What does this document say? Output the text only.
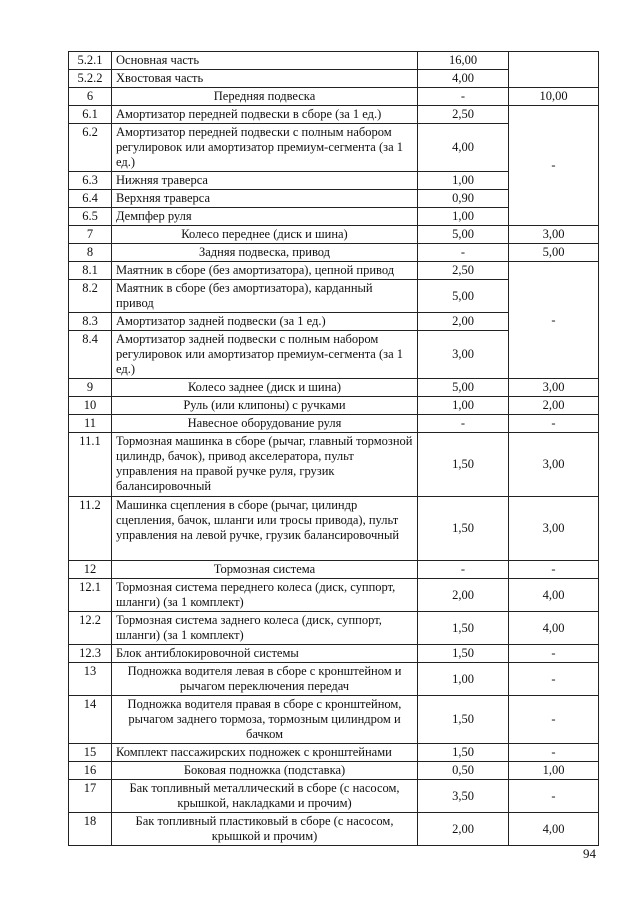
5.2.1	Основная часть	16,00	
5.2.2	Хвостовая часть	4,00	
6	Передняя подвеска	-	10,00
6.1	Амортизатор передней подвески в сборе (за 1 ед.)	2,50	-
6.2	Амортизатор передней подвески с полным набором регулировок или амортизатор премиум-сегмента (за 1 ед.)	4,00	
6.3	Нижняя траверса	1,00	
6.4	Верхняя траверса	0,90	
6.5	Демпфер руля	1,00	
7	Колесо переднее (диск и шина)	5,00	3,00
8	Задняя подвеска, привод	-	5,00
8.1	Маятник в сборе (без амортизатора), цепной привод	2,50	-
8.2	Маятник в сборе (без амортизатора), карданный привод	5,00	
8.3	Амортизатор задней подвески (за 1 ед.)	2,00	
8.4	Амортизатор задней подвески с полным набором регулировок или амортизатор премиум-сегмента (за 1 ед.)	3,00	
9	Колесо заднее (диск и шина)	5,00	3,00
10	Руль (или клипоны) с ручками	1,00	2,00
11	Навесное оборудование руля	-	-
11.1	Тормозная машинка в сборе (рычаг, главный тормозной цилиндр, бачок), привод акселератора, пульт управления на правой ручке руля, грузик балансировочный	1,50	3,00
11.2	Машинка сцепления в сборе (рычаг, цилиндр сцепления, бачок, шланги или тросы привода), пульт управления на левой ручке, грузик балансировочный	1,50	3,00
12	Тормозная система	-	-
12.1	Тормозная система переднего колеса (диск, суппорт, шланги) (за 1 комплект)	2,00	4,00
12.2	Тормозная система заднего колеса (диск, суппорт, шланги) (за 1 комплект)	1,50	4,00
12.3	Блок антиблокировочной системы	1,50	-
13	Подножка водителя левая в сборе с кронштейном и рычагом переключения передач	1,00	-
14	Подножка водителя правая в сборе с кронштейном, рычагом заднего тормоза, тормозным цилиндром и бачком	1,50	-
15	Комплект пассажирских подножек с кронштейнами	1,50	-
16	Боковая подножка (подставка)	0,50	1,00
17	Бак топливный металлический в сборе (с насосом, крышкой, накладками и прочим)	3,50	-
18	Бак топливный пластиковый в сборе (с насосом, крышкой и прочим)	2,00	4,00
94
